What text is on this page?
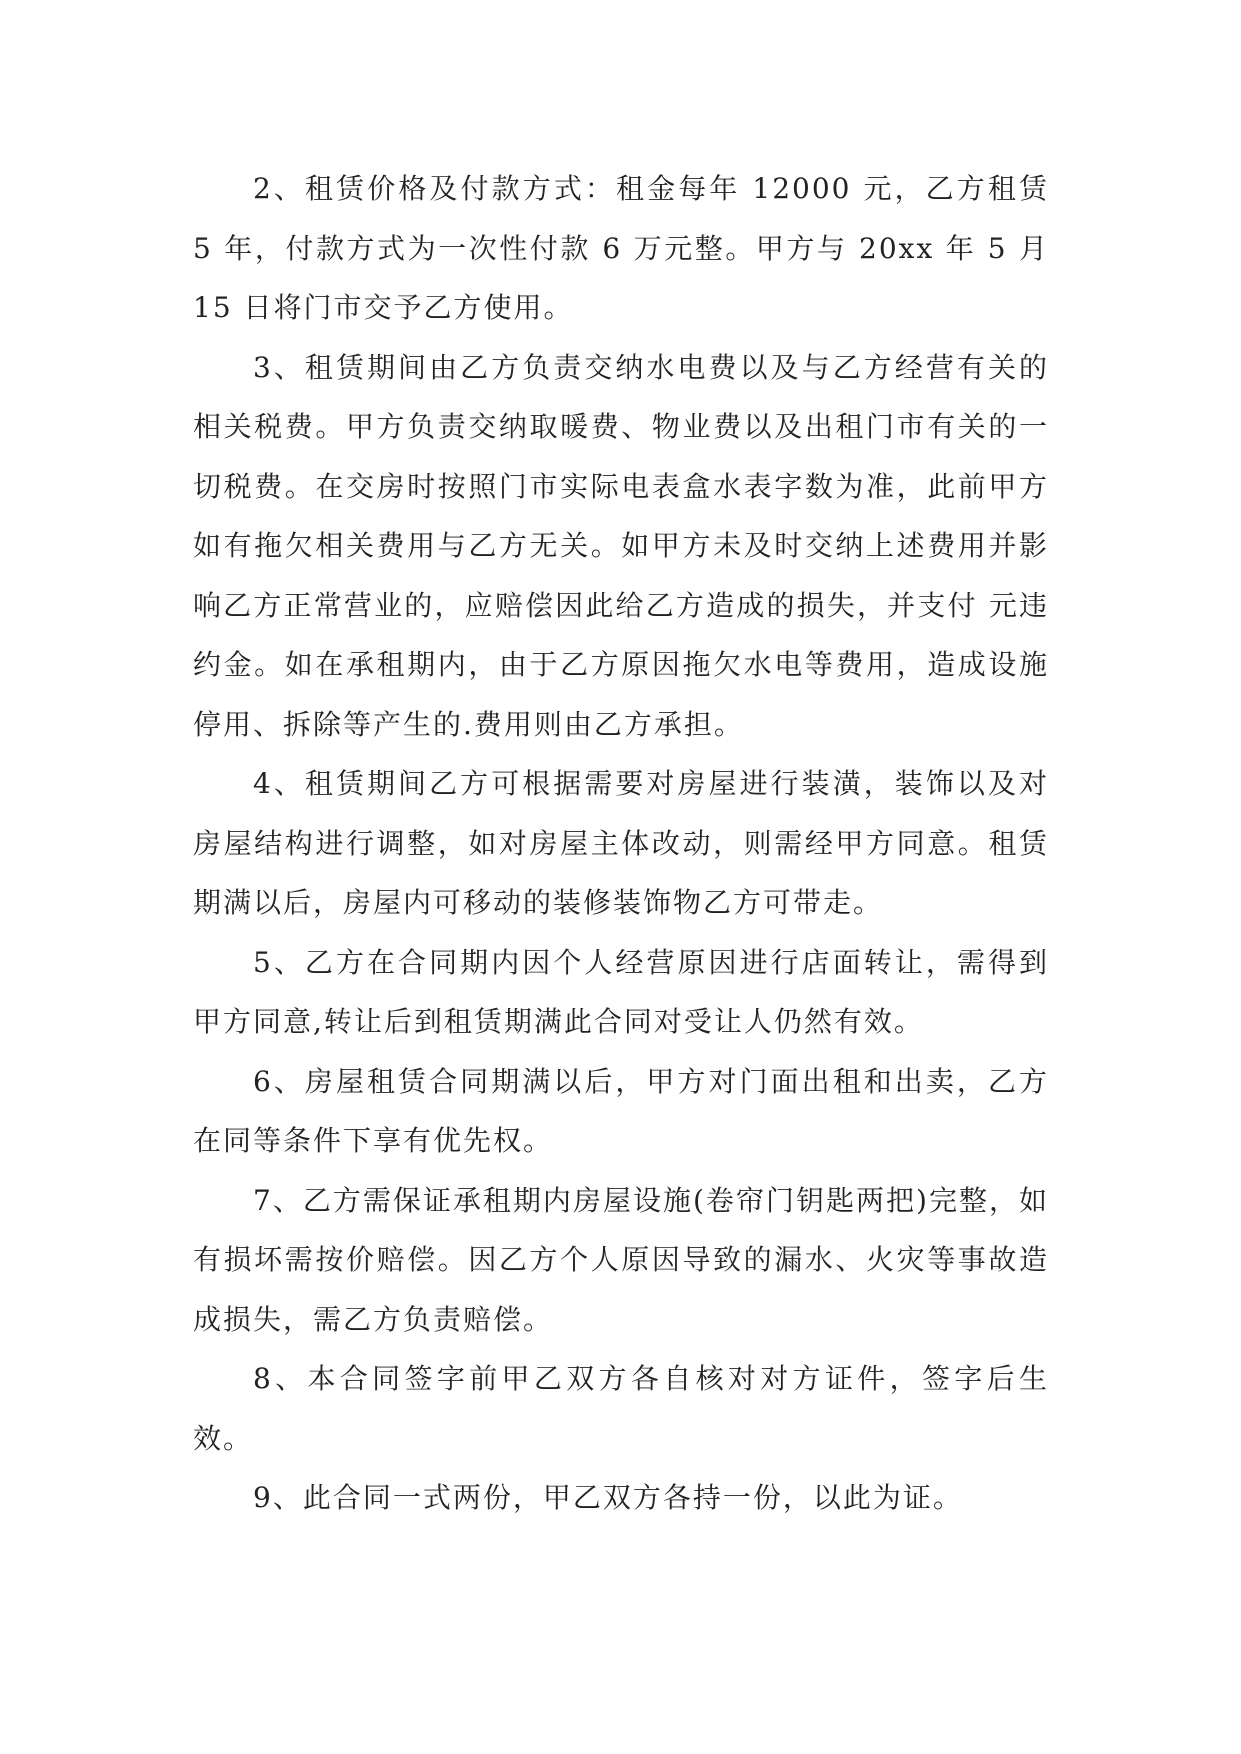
2、租赁价格及付款方式：租金每年 12000 元，乙方租赁 5 年，付款方式为一次性付款 6 万元整。甲方与 20xx 年 5 月 15 日将门市交予乙方使用。

3、租赁期间由乙方负责交纳水电费以及与乙方经营有关的相关税费。甲方负责交纳取暖费、物业费以及出租门市有关的一切税费。在交房时按照门市实际电表盒水表字数为准，此前甲方如有拖欠相关费用与乙方无关。如甲方未及时交纳上述费用并影响乙方正常营业的，应赔偿因此给乙方造成的损失，并支付 元违约金。如在承租期内，由于乙方原因拖欠水电等费用，造成设施停用、拆除等产生的.费用则由乙方承担。

4、租赁期间乙方可根据需要对房屋进行装潢，装饰以及对房屋结构进行调整，如对房屋主体改动，则需经甲方同意。租赁期满以后，房屋内可移动的装修装饰物乙方可带走。

5、乙方在合同期内因个人经营原因进行店面转让，需得到甲方同意,转让后到租赁期满此合同对受让人仍然有效。

6、房屋租赁合同期满以后，甲方对门面出租和出卖，乙方在同等条件下享有优先权。

7、乙方需保证承租期内房屋设施(卷帘门钥匙两把)完整，如有损坏需按价赔偿。因乙方个人原因导致的漏水、火灾等事故造成损失，需乙方负责赔偿。

8、本合同签字前甲乙双方各自核对对方证件，签字后生效。

9、此合同一式两份，甲乙双方各持一份，以此为证。
